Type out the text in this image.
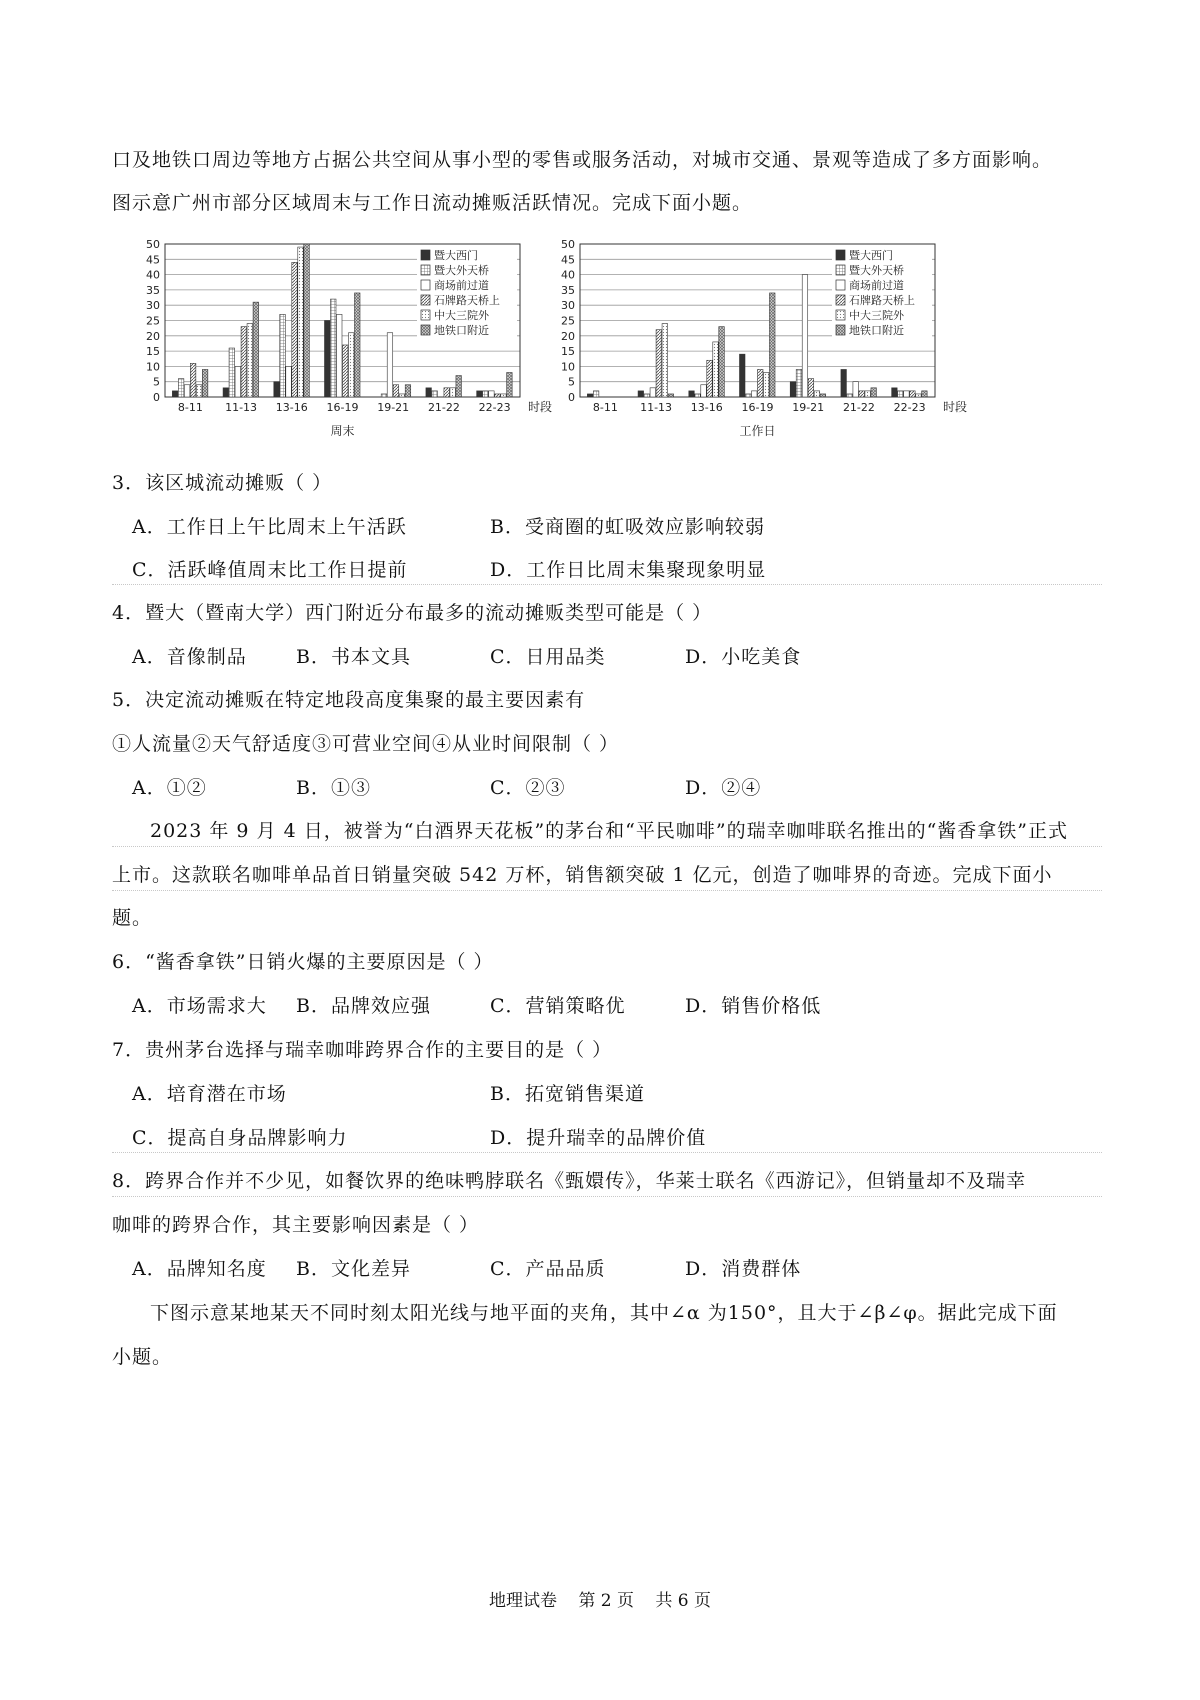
口及地铁口周边等地方占据公共空间从事小型的零售或服务活动，对城市交通、景观等造成了多方面影响。
图示意广州市部分区域周末与工作日流动摊贩活跃情况。完成下面小题。
0
5
10
15
20
25
30
35
40
45
50
8-11 11-13 13-16 16-19 19-21 21-22 22-23 时段
周末
暨大西门
暨大外天桥
商场前过道
石牌路天桥上
中大三院外
地铁口附近
0
5
10
15
20
25
30
35
40
45
50
8-11 11-13 13-16 16-19 19-21 21-22 22-23 时段
工作日
暨大西门
暨大外天桥
商场前过道
石牌路天桥上
中大三院外
地铁口附近
3．该区城流动摊贩（ ）
A．工作日上午比周末上午活跃	B．受商圈的虹吸效应影响较弱
C．活跃峰值周末比工作日提前	D．工作日比周末集聚现象明显
4．暨大（暨南大学）西门附近分布最多的流动摊贩类型可能是（ ）
A．音像制品	B．书本文具	C．日用品类	D．小吃美食
5．决定流动摊贩在特定地段高度集聚的最主要因素有
①人流量②天气舒适度③可营业空间④从业时间限制（ ）
A．①②	B．①③	C．②③	D．②④
2023 年 9 月 4 日，被誉为“白酒界天花板”的茅台和“平民咖啡”的瑞幸咖啡联名推出的“酱香拿铁”正式
上市。这款联名咖啡单品首日销量突破 542 万杯，销售额突破 1 亿元，创造了咖啡界的奇迹。完成下面小
题。
6．“酱香拿铁”日销火爆的主要原因是（ ）
A．市场需求大 B．品牌效应强	C．营销策略优	D．销售价格低
7．贵州茅台选择与瑞幸咖啡跨界合作的主要目的是（ ）
A．培育潜在市场	B．拓宽销售渠道
C．提高自身品牌影响力	D．提升瑞幸的品牌价值
8．跨界合作并不少见，如餐饮界的绝味鸭脖联名《甄嬛传》，华莱士联名《西游记》，但销量却不及瑞幸
咖啡的跨界合作，其主要影响因素是（ ）
A．品牌知名度 B．文化差异	C．产品品质	D．消费群体
下图示意某地某天不同时刻太阳光线与地平面的夹角，其中∠α 为150°，且大于∠β∠φ。据此完成下面
小题。
地理试卷 第 2 页 共 6 页
